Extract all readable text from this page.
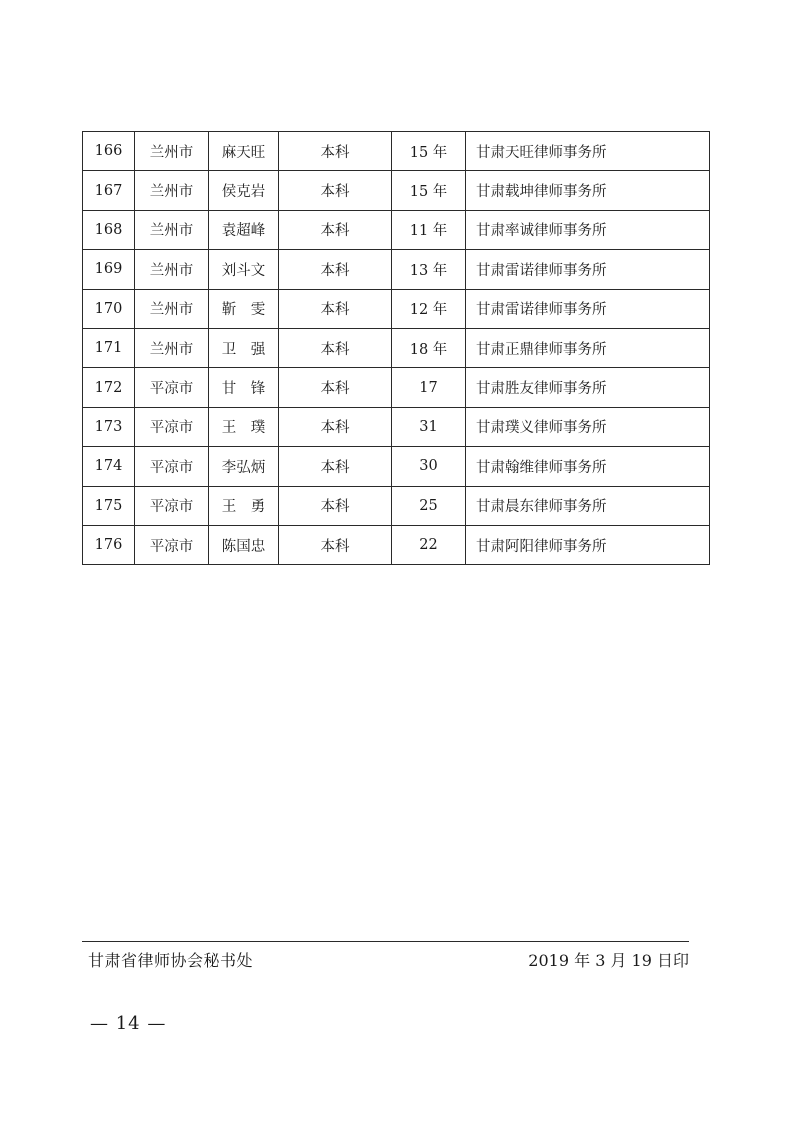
166	兰州市	麻天旺	本科	15 年	甘肃天旺律师事务所
167	兰州市	侯克岩	本科	15 年	甘肃载坤律师事务所
168	兰州市	袁超峰	本科	11 年	甘肃率诚律师事务所
169	兰州市	刘斗文	本科	13 年	甘肃雷诺律师事务所
170	兰州市	靳　雯	本科	12 年	甘肃雷诺律师事务所
171	兰州市	卫　强	本科	18 年	甘肃正鼎律师事务所
172	平凉市	甘　锋	本科	17	甘肃胜友律师事务所
173	平凉市	王　璞	本科	31	甘肃璞义律师事务所
174	平凉市	李弘炳	本科	30	甘肃翰维律师事务所
175	平凉市	王　勇	本科	25	甘肃晨东律师事务所
176	平凉市	陈国忠	本科	22	甘肃阿阳律师事务所
甘肃省律师协会秘书处	2019 年 3 月 19 日印
— 14 —
